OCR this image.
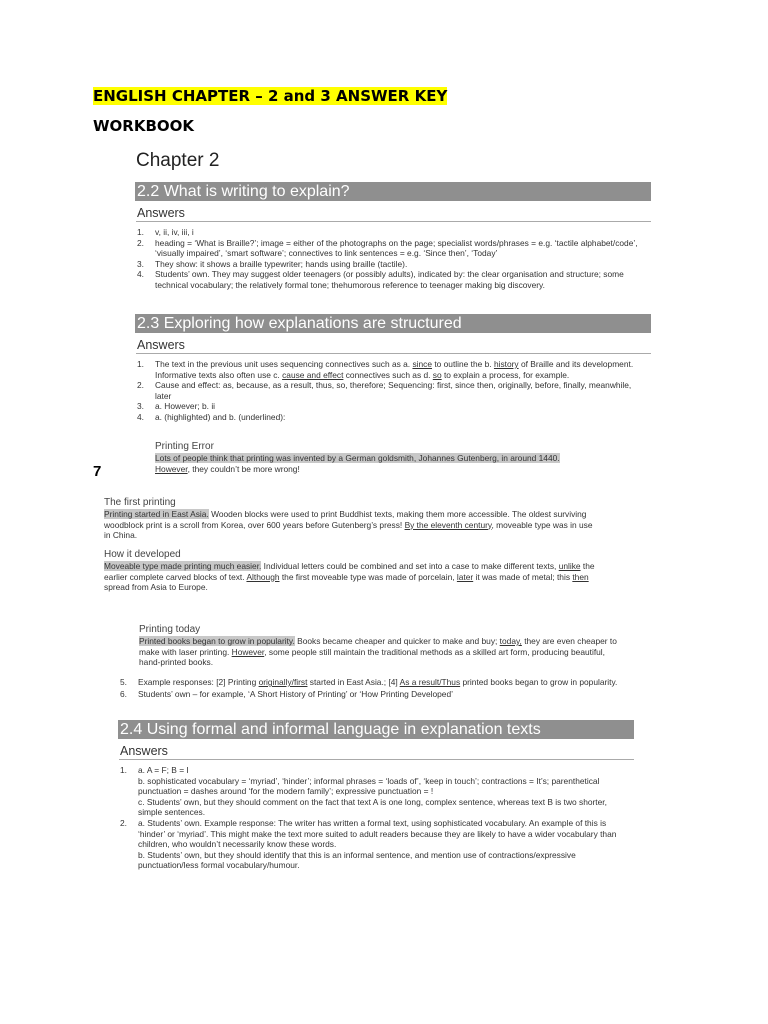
ENGLISH CHAPTER – 2 and 3 ANSWER KEY
WORKBOOK
Chapter 2
2.2 What is writing to explain?
Answers
1. v, ii, iv, iii, i
2. heading = ‘What is Braille?’; image = either of the photographs on the page; specialist words/phrases = e.g. ‘tactile alphabet/code’, ‘visually impaired’, ‘smart software’; connectives to link sentences = e.g. ‘Since then’, ‘Today’
3. They show: it shows a braille typewriter; hands using braille (tactile).
4. Students’ own. They may suggest older teenagers (or possibly adults), indicated by: the clear organisation and structure; some technical vocabulary; the relatively formal tone; thehumorous reference to teenager making big discovery.
2.3 Exploring how explanations are structured
Answers
1. The text in the previous unit uses sequencing connectives such as a. since to outline the b. history of Braille and its development.
Informative texts also often use c. cause and effect connectives such as d. so to explain a process, for example.
2. Cause and effect: as, because, as a result, thus, so, therefore; Sequencing: first, since then, originally, before, finally, meanwhile, later
3. a. However; b. ii
4. a. (highlighted) and b. (underlined):
Printing Error
Lots of people think that printing was invented by a German goldsmith, Johannes Gutenberg, in around 1440.
However, they couldn’t be more wrong!
7
The first printing
Printing started in East Asia. Wooden blocks were used to print Buddhist texts, making them more accessible. The oldest surviving woodblock print is a scroll from Korea, over 600 years before Gutenberg’s press! By the eleventh century, moveable type was in use in China.
How it developed
Moveable type made printing much easier. Individual letters could be combined and set into a case to make different texts, unlike the earlier complete carved blocks of text. Although the first moveable type was made of porcelain, later it was made of metal; this then spread from Asia to Europe.
Printing today
Printed books began to grow in popularity. Books became cheaper and quicker to make and buy; today, they are even cheaper to make with laser printing. However, some people still maintain the traditional methods as a skilled art form, producing beautiful, hand-printed books.
5. Example responses: [2] Printing originally/first started in East Asia.; [4] As a result/Thus printed books began to grow in popularity.
6. Students’ own – for example, ‘A Short History of Printing’ or ‘How Printing Developed’
2.4 Using formal and informal language in explanation texts
Answers
1. a. A = F; B = I
b. sophisticated vocabulary = ‘myriad’, ‘hinder’; informal phrases = ‘loads of’, ‘keep in touch’; contractions = It’s; parenthetical punctuation = dashes around ‘for the modern family’; expressive punctuation = !
c. Students’ own, but they should comment on the fact that text A is one long, complex sentence, whereas text B is two shorter, simple sentences.
2. a. Students’ own. Example response: The writer has written a formal text, using sophisticated vocabulary. An example of this is ‘hinder’ or ‘myriad’. This might make the text more suited to adult readers because they are likely to have a wider vocabulary than children, who wouldn’t necessarily know these words.
b. Students’ own, but they should identify that this is an informal sentence, and mention use of contractions/expressive punctuation/less formal vocabulary/humour.
